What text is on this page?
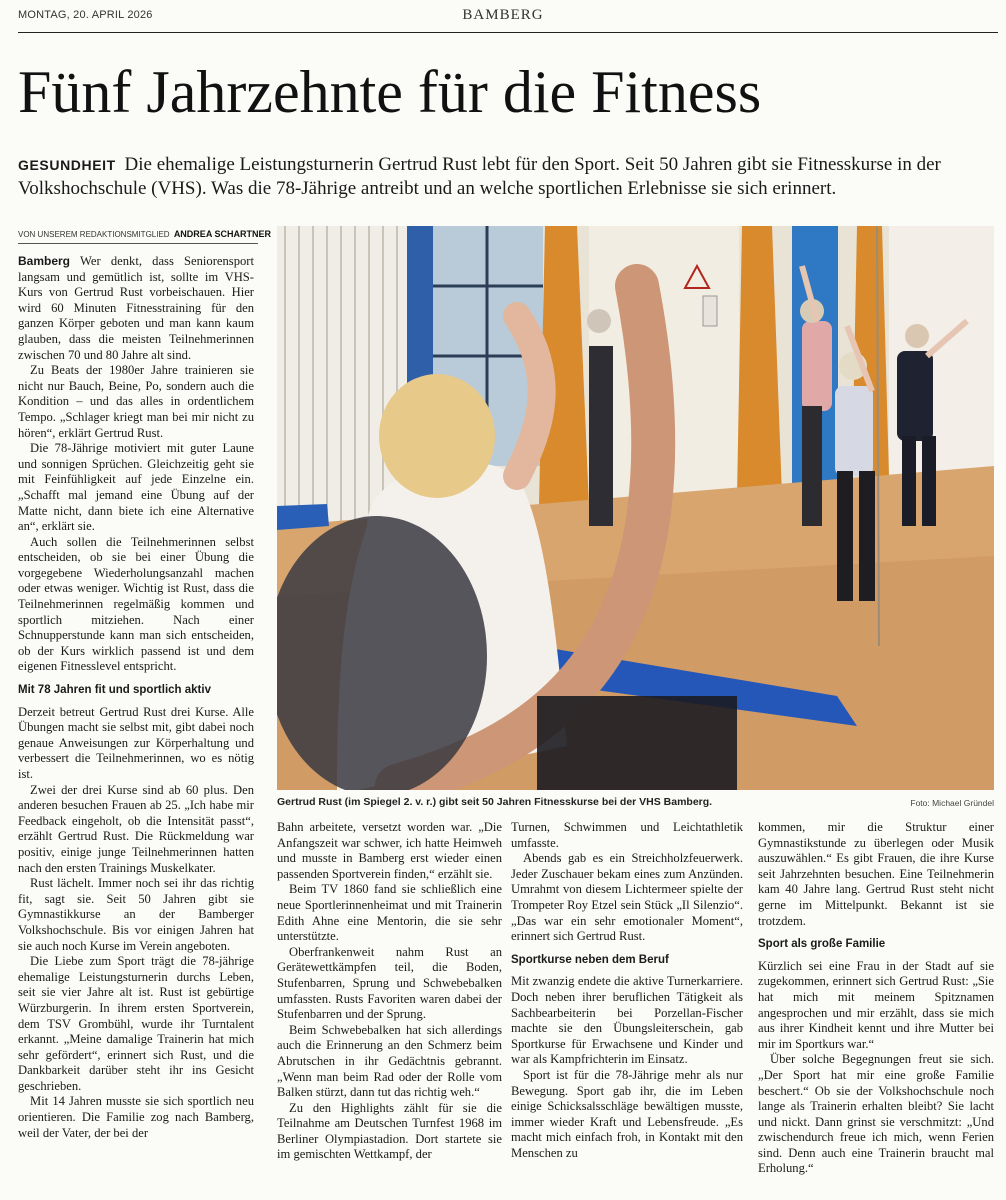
MONTAG, 20. APRIL 2026	BAMBERG
Fünf Jahrzehnte für die Fitness
GESUNDHEIT Die ehemalige Leistungsturnerin Gertrud Rust lebt für den Sport. Seit 50 Jahren gibt sie Fitnesskurse in der Volkshochschule (VHS). Was die 78-Jährige antreibt und an welche sportlichen Erlebnisse sie sich erinnert.
VON UNSEREM REDAKTIONSMITGLIED ANDREA SCHARTNER

Bamberg Wer denkt, dass Seniorensport langsam und gemütlich ist, sollte im VHS-Kurs von Gertrud Rust vorbeischauen. Hier wird 60 Minuten Fitnesstraining für den ganzen Körper geboten und man kann kaum glauben, dass die meisten Teilnehmerinnen zwischen 70 und 80 Jahre alt sind.

Zu Beats der 1980er Jahre trainieren sie nicht nur Bauch, Beine, Po, sondern auch die Kondition – und das alles in ordentlichem Tempo. „Schlager kriegt man bei mir nicht zu hören“, erklärt Gertrud Rust.

Die 78-Jährige motiviert mit guter Laune und sonnigen Sprüchen. Gleichzeitig geht sie mit Feinfühligkeit auf jede Einzelne ein. „Schafft mal jemand eine Übung auf der Matte nicht, dann biete ich eine Alternative an“, erklärt sie.

Auch sollen die Teilnehmerinnen selbst entscheiden, ob sie bei einer Übung die vorgegebene Wiederholungsanzahl machen oder etwas weniger. Wichtig ist Rust, dass die Teilnehmerinnen regelmäßig kommen und sportlich mitziehen. Nach einer Schnupperstunde kann man sich entscheiden, ob der Kurs wirklich passend ist und dem eigenen Fitnesslevel entspricht.

Mit 78 Jahren fit und sportlich aktiv

Derzeit betreut Gertrud Rust drei Kurse. Alle Übungen macht sie selbst mit, gibt dabei noch genaue Anweisungen zur Körperhaltung und verbessert die Teilnehmerinnen, wo es nötig ist.

Zwei der drei Kurse sind ab 60 plus. Den anderen besuchen Frauen ab 25. „Ich habe mir Feedback eingeholt, ob die Intensität passt“, erzählt Gertrud Rust. Die Rückmeldung war positiv, einige junge Teilnehmerinnen hatten nach den ersten Trainings Muskelkater.

Rust lächelt. Immer noch sei ihr das richtig fit, sagt sie. Seit 50 Jahren gibt sie Gymnastikkurse an der Bamberger Volkshochschule. Bis vor einigen Jahren hat sie auch noch Kurse im Verein angeboten.

Die Liebe zum Sport trägt die 78-jährige ehemalige Leistungsturnerin durchs Leben, seit sie vier Jahre alt ist. Rust ist gebürtige Würzburgerin. In ihrem ersten Sportverein, dem TSV Grombühl, wurde ihr Turntalent erkannt. „Meine damalige Trainerin hat mich sehr gefördert“, erinnert sich Rust, und die Dankbarkeit darüber steht ihr ins Gesicht geschrieben.

Mit 14 Jahren musste sie sich sportlich neu orientieren. Die Familie zog nach Bamberg, weil der Vater, der bei der

Gertrud Rust (im Spiegel 2. v. r.) gibt seit 50 Jahren Fitnesskurse bei der VHS Bamberg.	Foto: Michael Gründel

Bahn arbeitete, versetzt worden war. „Die Anfangszeit war schwer, ich hatte Heimweh und musste in Bamberg erst wieder einen passenden Sportverein finden,“ erzählt sie.

Beim TV 1860 fand sie schließlich eine neue Sportlerinnenheimat und mit Trainerin Edith Ahne eine Mentorin, die sie sehr unterstützte.

Oberfrankenweit nahm Rust an Gerätewettkämpfen teil, die Boden, Stufenbarren, Sprung und Schwebebalken umfassten. Rusts Favoriten waren dabei der Stufenbarren und der Sprung.

Beim Schwebebalken hat sich allerdings auch die Erinnerung an den Schmerz beim Abrutschen in ihr Gedächtnis gebrannt. „Wenn man beim Rad oder der Rolle vom Balken stürzt, dann tut das richtig weh.“

Zu den Highlights zählt für sie die Teilnahme am Deutschen Turnfest 1968 im Berliner Olympiastadion. Dort startete sie im gemischten Wettkampf, der

Turnen, Schwimmen und Leichtathletik umfasste.

Abends gab es ein Streichholzfeuerwerk. Jeder Zuschauer bekam eines zum Anzünden. Umrahmt von diesem Lichtermeer spielte der Trompeter Roy Etzel sein Stück „Il Silenzio“. „Das war ein sehr emotionaler Moment“, erinnert sich Gertrud Rust.

Sportkurse neben dem Beruf

Mit zwanzig endete die aktive Turnerkarriere. Doch neben ihrer beruflichen Tätigkeit als Sachbearbeiterin bei Porzellan-Fischer machte sie den Übungsleiterschein, gab Sportkurse für Erwachsene und Kinder und war als Kampfrichterin im Einsatz.

Sport ist für die 78-Jährige mehr als nur Bewegung. Sport gab ihr, die im Leben einige Schicksalsschläge bewältigen musste, immer wieder Kraft und Lebensfreude. „Es macht mich einfach froh, in Kontakt mit den Menschen zu

kommen, mir die Struktur einer Gymnastikstunde zu überlegen oder Musik auszuwählen.“ Es gibt Frauen, die ihre Kurse seit Jahrzehnten besuchen. Eine Teilnehmerin kam 40 Jahre lang. Gertrud Rust steht nicht gerne im Mittelpunkt. Bekannt ist sie trotzdem.

Sport als große Familie

Kürzlich sei eine Frau in der Stadt auf sie zugekommen, erinnert sich Gertrud Rust: „Sie hat mich mit meinem Spitznamen angesprochen und mir erzählt, dass sie mich aus ihrer Kindheit kennt und ihre Mutter bei mir im Sportkurs war.“

Über solche Begegnungen freut sie sich. „Der Sport hat mir eine große Familie beschert.“ Ob sie der Volkshochschule noch lange als Trainerin erhalten bleibt? Sie lacht und nickt. Dann grinst sie verschmitzt: „Und zwischendurch freue ich mich, wenn Ferien sind. Denn auch eine Trainerin braucht mal Erholung.“
